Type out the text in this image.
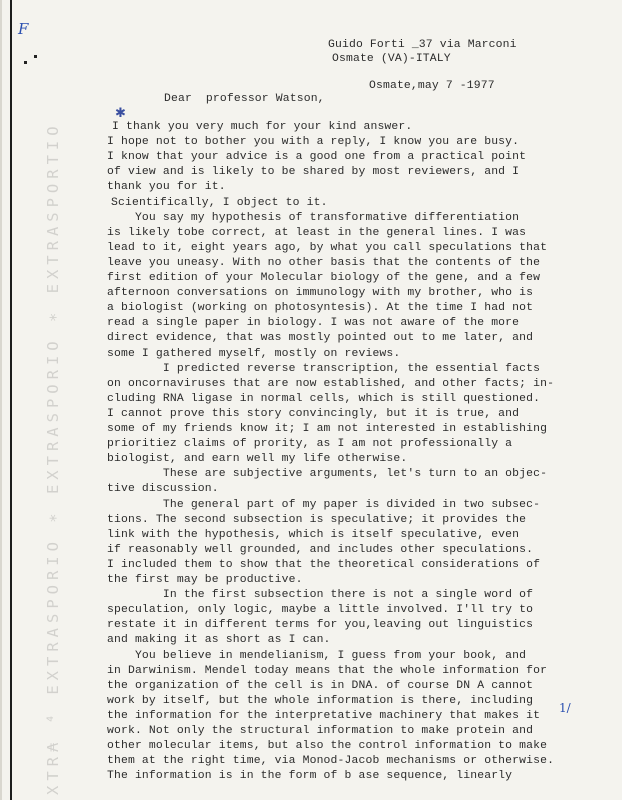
XTR₳ ⁴ EXTRASPORIO ∗ EXTRASPORIO ∗ EXTRASPORTIO
F
Guido Forti _37 via Marconi
Osmate (VA)-ITALY
Osmate,may 7 -1977
Dear  professor Watson,
✱
I thank you very much for your kind answer.
I hope not to bother you with a reply, I know you are busy.
I know that your advice is a good one from a practical point
of view and is likely to be shared by most reviewers, and I
thank you for it.
Scientifically, I object to it.
You say my hypothesis of transformative differentiation
is likely tobe correct, at least in the general lines. I was
lead to it, eight years ago, by what you call speculations that
leave you uneasy. With no other basis that the contents of the
first edition of your Molecular biology of the gene, and a few
afternoon conversations on immunology with my brother, who is
a biologist (working on photosyntesis). At the time I had not
read a single paper in biology. I was not aware of the more
direct evidence, that was mostly pointed out to me later, and
some I gathered myself, mostly on reviews.
I predicted reverse transcription, the essential facts
on oncornaviruses that are now established, and other facts; in-
cluding RNA ligase in normal cells, which is still questioned.
I cannot prove this story convincingly, but it is true, and
some of my friends know it; I am not interested in establishing
prioritiez claims of prority, as I am not professionally a
biologist, and earn well my life otherwise.
These are subjective arguments, let's turn to an objec-
tive discussion.
The general part of my paper is divided in two subsec-
tions. The second subsection is speculative; it provides the
link with the hypothesis, which is itself speculative, even
if reasonably well grounded, and includes other speculations.
I included them to show that the theoretical considerations of
the first may be productive.
In the first subsection there is not a single word of
speculation, only logic, maybe a little involved. I'll try to
restate it in different terms for you,leaving out linguistics
and making it as short as I can.
You believe in mendelianism, I guess from your book, and
in Darwinism. Mendel today means that the whole information for
the organization of the cell is in DNA. of course DN A cannot
work by itself, but the whole information is there, including
the information for the interpretative machinery that makes it
work. Not only the structural information to make protein and
other molecular items, but also the control information to make
them at the right time, via Monod-Jacob mechanisms or otherwise.
The information is in the form of b ase sequence, linearly
1/
